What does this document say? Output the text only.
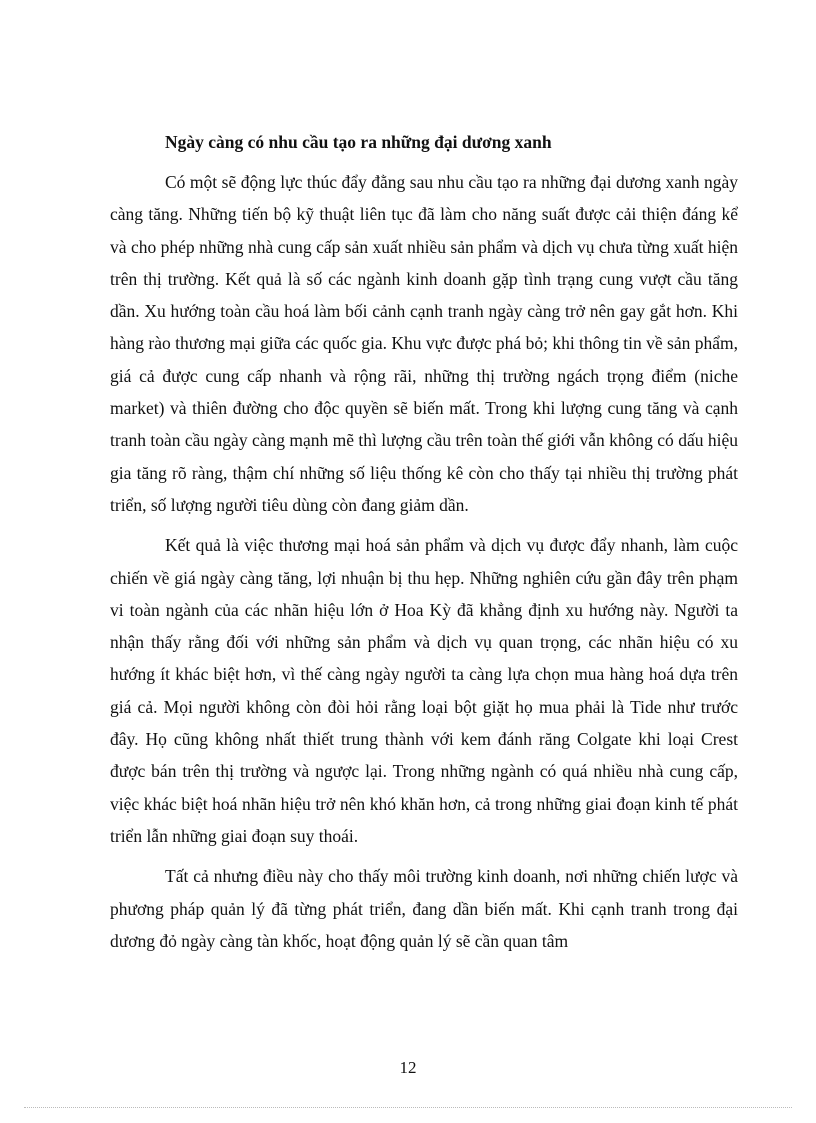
Ngày càng có nhu cầu tạo ra những đại dương xanh

Có một sẽ động lực thúc đẩy đằng sau nhu cầu tạo ra những đại dương xanh ngày càng tăng. Những tiến bộ kỹ thuật liên tục đã làm cho năng suất được cải thiện đáng kể và cho phép những nhà cung cấp sản xuất nhiều sản phẩm và dịch vụ chưa từng xuất hiện trên thị trường. Kết quả là số các ngành kinh doanh gặp tình trạng cung vượt cầu tăng dần. Xu hướng toàn cầu hoá làm bối cảnh cạnh tranh ngày càng trở nên gay gắt hơn. Khi hàng rào thương mại giữa các quốc gia. Khu vực được phá bỏ; khi thông tin về sản phẩm, giá cả được cung cấp nhanh và rộng rãi, những thị trường ngách trọng điểm (niche market) và thiên đường cho độc quyền sẽ biến mất. Trong khi lượng cung tăng và cạnh tranh toàn cầu ngày càng mạnh mẽ thì lượng cầu trên toàn thế giới vẫn không có dấu hiệu gia tăng rõ ràng, thậm chí những số liệu thống kê còn cho thấy tại nhiều thị trường phát triển, số lượng người tiêu dùng còn đang giảm dần.

Kết quả là việc thương mại hoá sản phẩm và dịch vụ được đẩy nhanh, làm cuộc chiến về giá ngày càng tăng, lợi nhuận bị thu hẹp. Những nghiên cứu gần đây trên phạm vi toàn ngành của các nhãn hiệu lớn ở Hoa Kỳ đã khẳng định xu hướng này. Người ta nhận thấy rằng đối với những sản phẩm và dịch vụ quan trọng, các nhãn hiệu có xu hướng ít khác biệt hơn, vì thế càng ngày người ta càng lựa chọn mua hàng hoá dựa trên giá cả. Mọi người không còn đòi hỏi rằng loại bột giặt họ mua phải là Tide như trước đây. Họ cũng không nhất thiết trung thành với kem đánh răng Colgate khi loại Crest được bán trên thị trường và ngược lại. Trong những ngành có quá nhiều nhà cung cấp, việc khác biệt hoá nhãn hiệu trở nên khó khăn hơn, cả trong những giai đoạn kinh tế phát triển lẫn những giai đoạn suy thoái.

Tất cả nhưng điều này cho thấy môi trường kinh doanh, nơi những chiến lược và phương pháp quản lý đã từng phát triển, đang dần biến mất. Khi cạnh tranh trong đại dương đỏ ngày càng tàn khốc, hoạt động quản lý sẽ cần quan tâm

12
